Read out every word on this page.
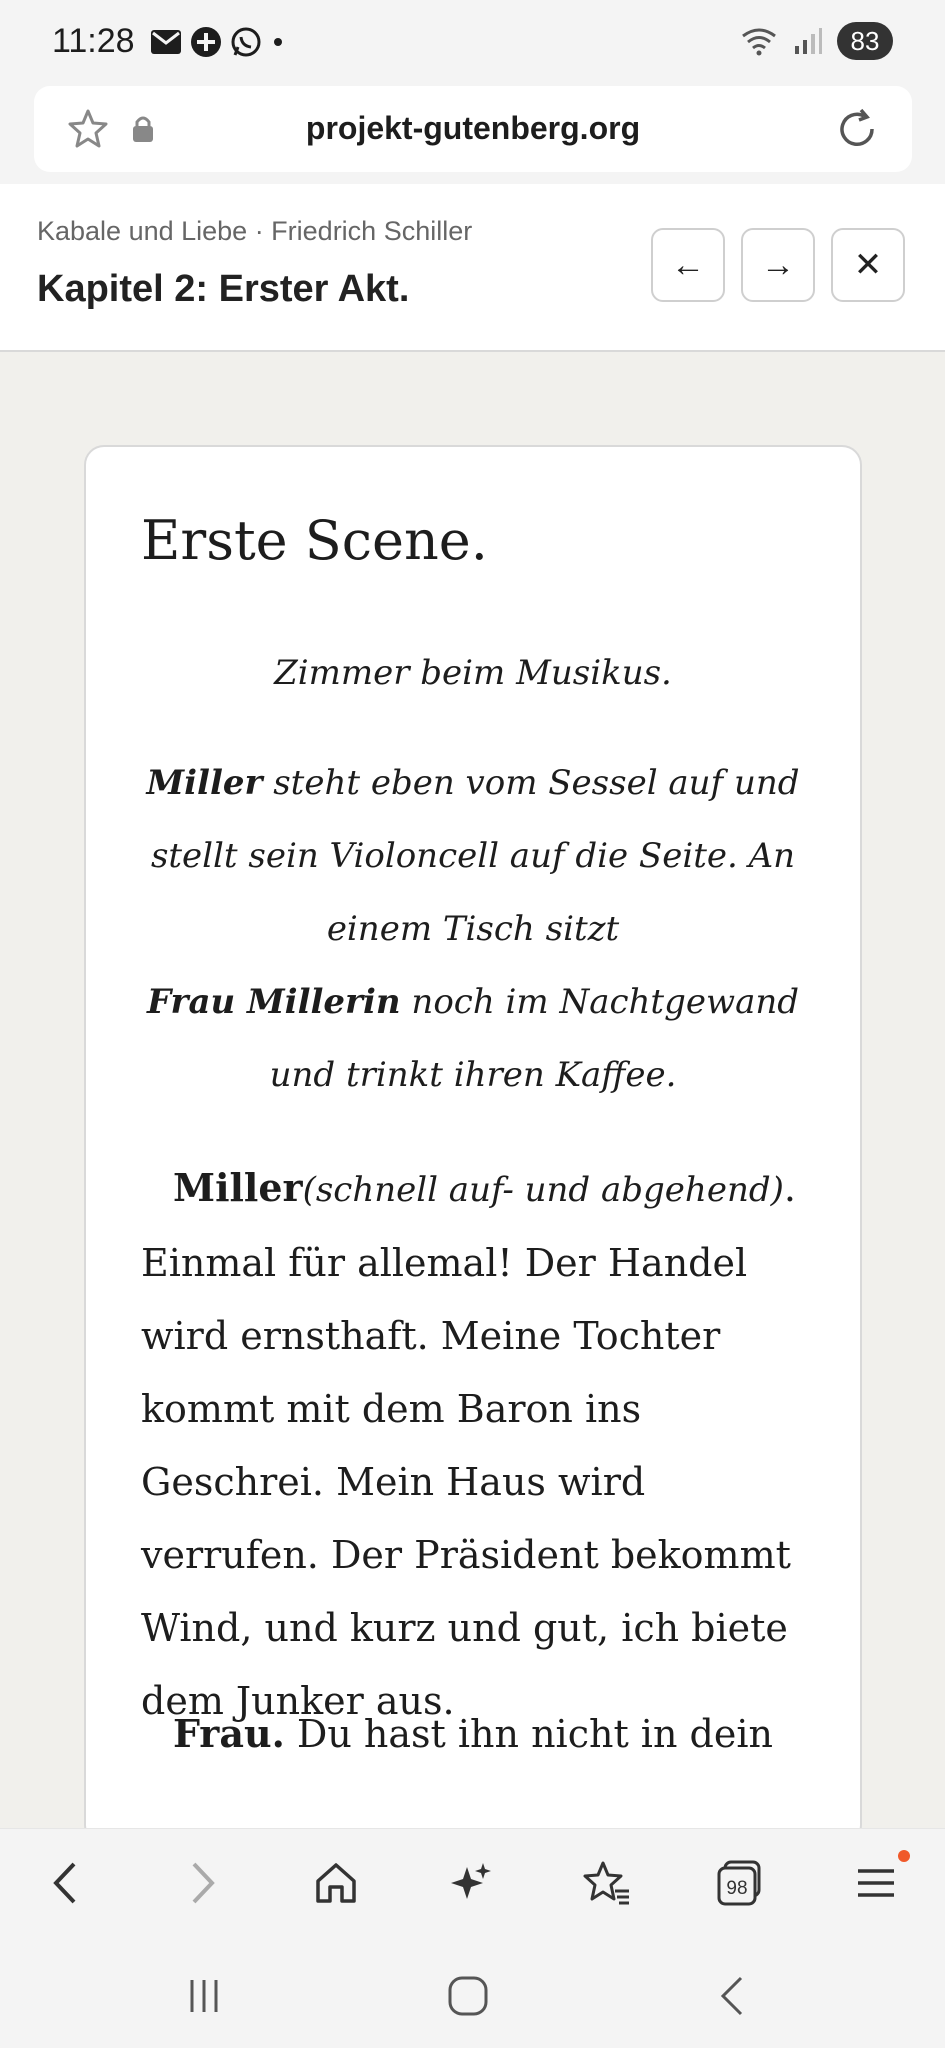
11:28	83
projekt-gutenberg.org
Kabale und Liebe · Friedrich Schiller
Kapitel 2: Erster Akt.
←	→	✕
Erste Scene.
Zimmer beim Musikus.
Miller steht eben vom Sessel auf und stellt sein Violoncell auf die Seite. An einem Tisch sitzt
Frau Millerin noch im Nachtgewand und trinkt ihren Kaffee.
Miller(schnell auf- und abgehend). Einmal für allemal! Der Handel wird ernsthaft. Meine Tochter kommt mit dem Baron ins Geschrei. Mein Haus wird verrufen. Der Präsident bekommt Wind, und kurz und gut, ich biete dem Junker aus.
Frau. Du hast ihn nicht in dein
98
